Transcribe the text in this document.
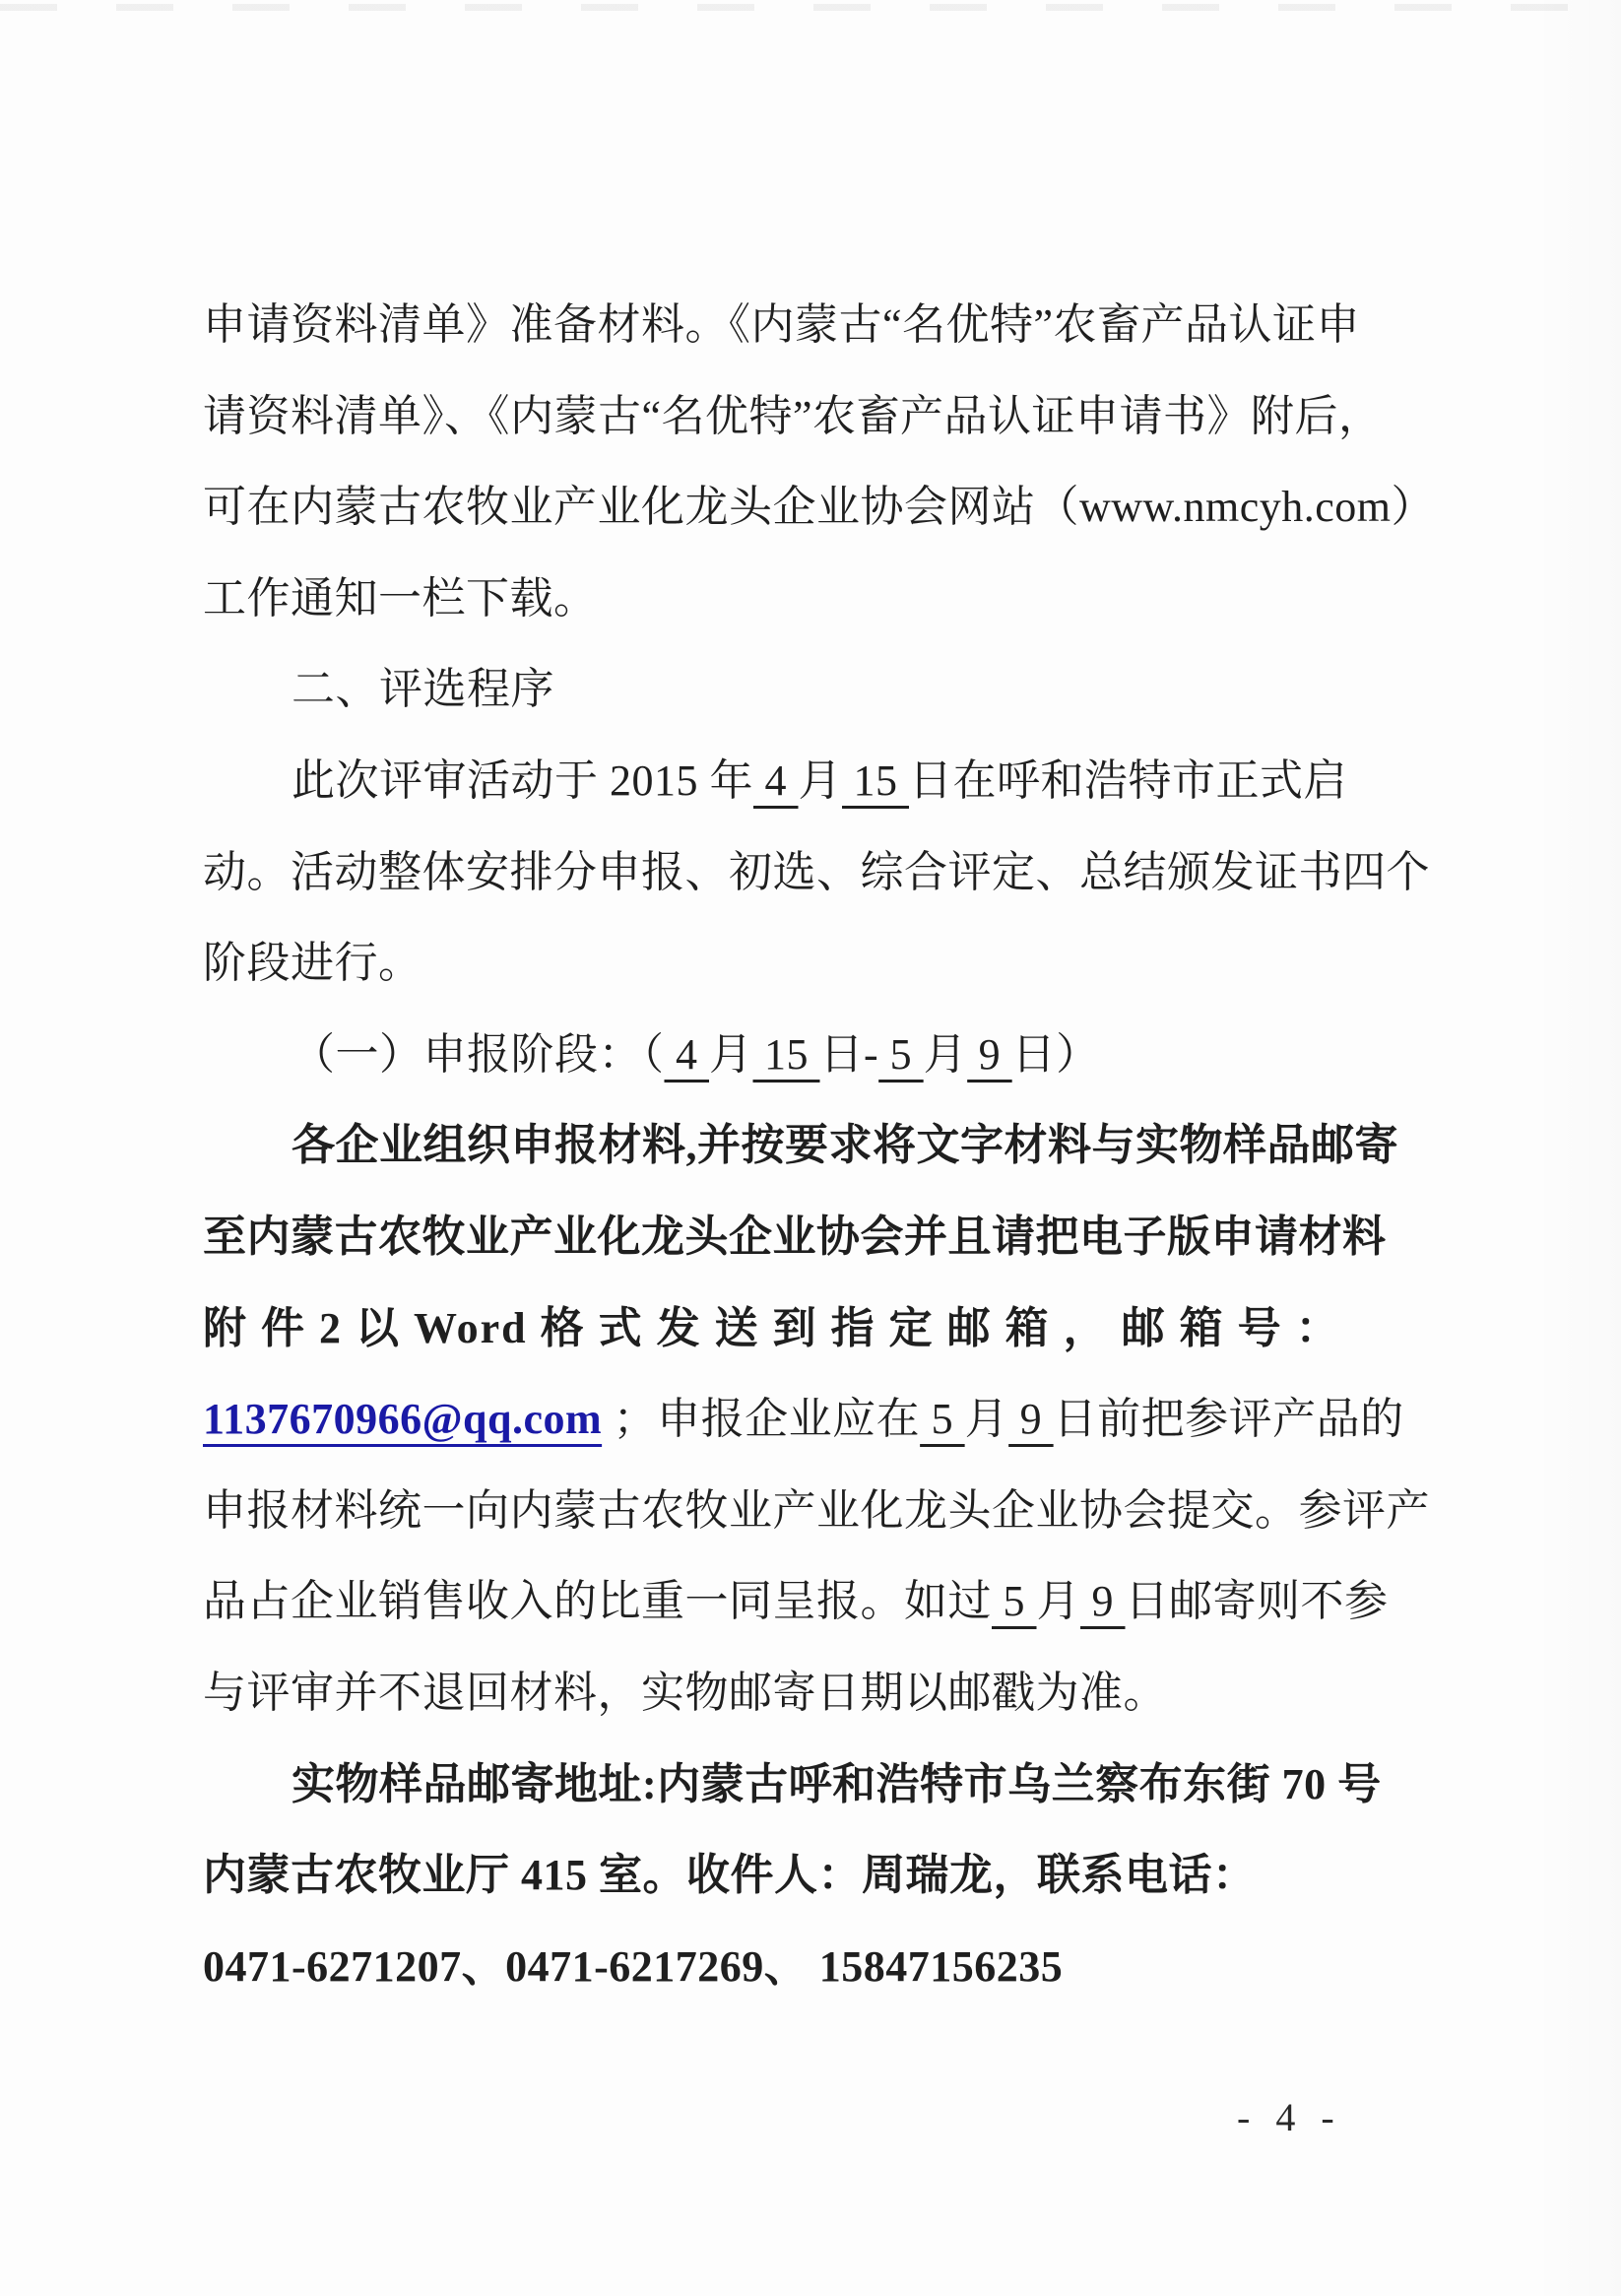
申请资料清单》准备材料。《内蒙古“名优特”农畜产品认证申
请资料清单》、《内蒙古“名优特”农畜产品认证申请书》附后，
可在内蒙古农牧业产业化龙头企业协会网站（www.nmcyh.com）
工作通知一栏下载。
二、评选程序
此次评审活动于 2015 年 4 月 15 日在呼和浩特市正式启
动。活动整体安排分申报、初选、综合评定、总结颁发证书四个
阶段进行。
（一）申报阶段：（ 4 月 15 日- 5 月 9 日）
各企业组织申报材料,并按要求将文字材料与实物样品邮寄
至内蒙古农牧业产业化龙头企业协会并且请把电子版申请材料
附 件 2 以 Word 格 式 发 送 到 指 定 邮 箱 ， 邮 箱 号 ：
1137670966@qq.com ；申报企业应在 5 月 9 日前把参评产品的
申报材料统一向内蒙古农牧业产业化龙头企业协会提交。参评产
品占企业销售收入的比重一同呈报。如过 5 月 9 日邮寄则不参
与评审并不退回材料，实物邮寄日期以邮戳为准。
实物样品邮寄地址:内蒙古呼和浩特市乌兰察布东街 70 号
内蒙古农牧业厅 415 室。收件人：周瑞龙，联系电话：
0471-6271207、0471-6217269、 15847156235
- 4 -
